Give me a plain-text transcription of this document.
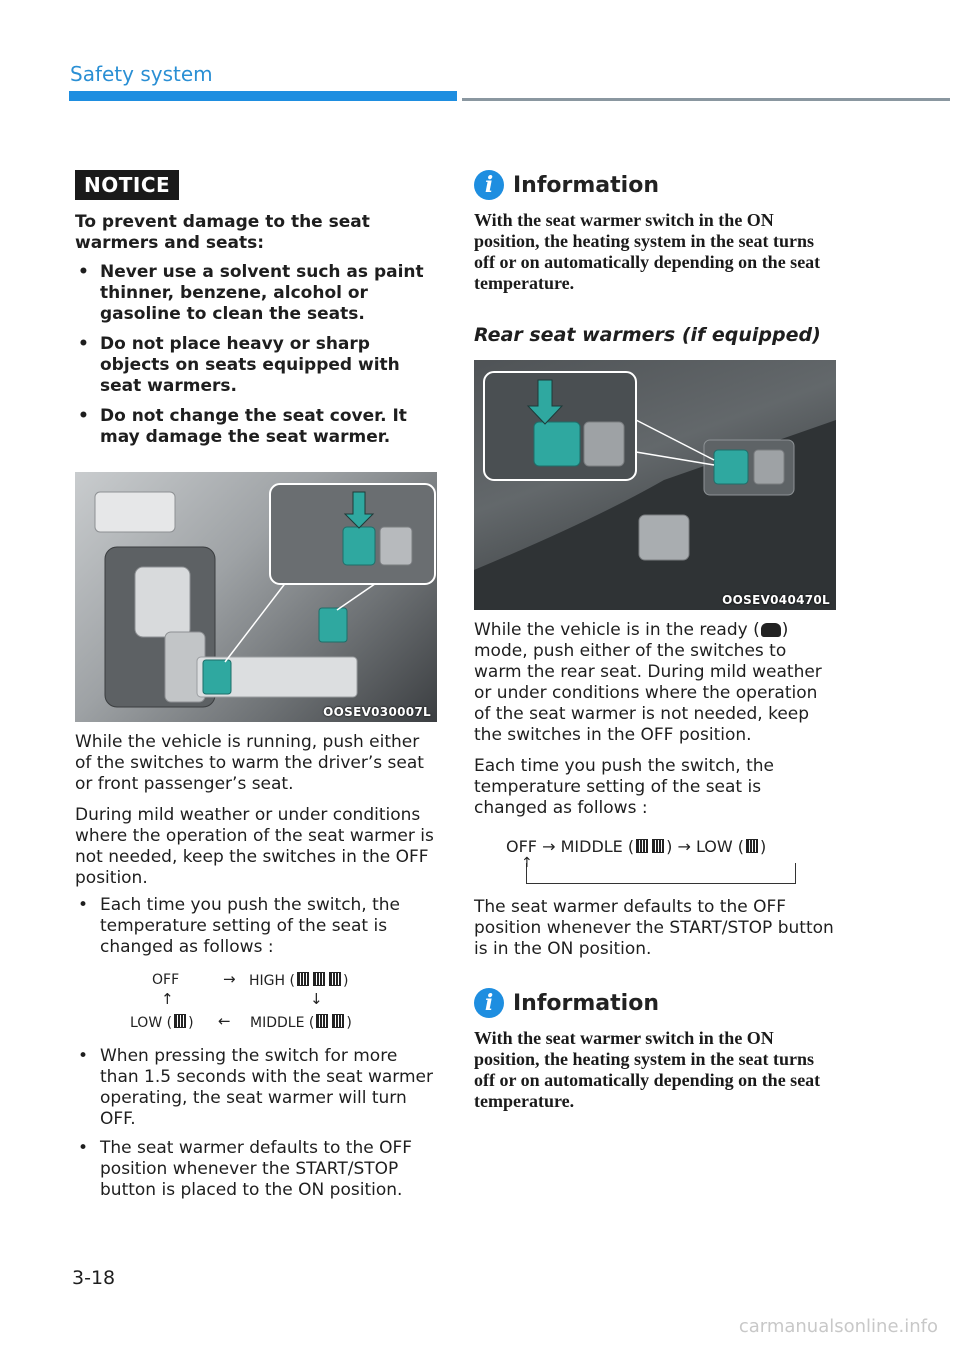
Safety system
NOTICE
To prevent damage to the seat warmers and seats:
• Never use a solvent such as paint thinner, benzene, alcohol or gasoline to clean the seats.
• Do not place heavy or sharp objects on seats equipped with seat warmers.
• Do not change the seat cover. It may damage the seat warmer.
OOSEV030007L
While the vehicle is running, push either of the switches to warm the driver’s seat or front passenger’s seat.
During mild weather or under conditions where the operation of the seat warmer is not needed, keep the switches in the OFF position.
• Each time you push the switch, the temperature setting of the seat is changed as follows :
OFF	→ HIGH (	)
↑	↓
LOW ( ) ← MIDDLE ( )
• When pressing the switch for more than 1.5 seconds with the seat warmer operating, the seat warmer will turn OFF.
• The seat warmer defaults to the OFF position whenever the START/STOP button is placed to the ON position.
i Information
With the seat warmer switch in the ON position, the heating system in the seat turns off or on automatically depending on the seat temperature.
Rear seat warmers (if equipped)
OOSEV040470L
While the vehicle is in the ready ( ) mode, push either of the switches to warm the rear seat. During mild weather or under conditions where the operation of the seat warmer is not needed, keep the switches in the OFF position.
Each time you push the switch, the temperature setting of the seat is changed as follows :
OFF → MIDDLE ( ) → LOW ( )
↑
The seat warmer defaults to the OFF position whenever the START/STOP button is in the ON position.
i Information
With the seat warmer switch in the ON position, the heating system in the seat turns off or on automatically depending on the seat temperature.
3-18
carmanualsonline.info
